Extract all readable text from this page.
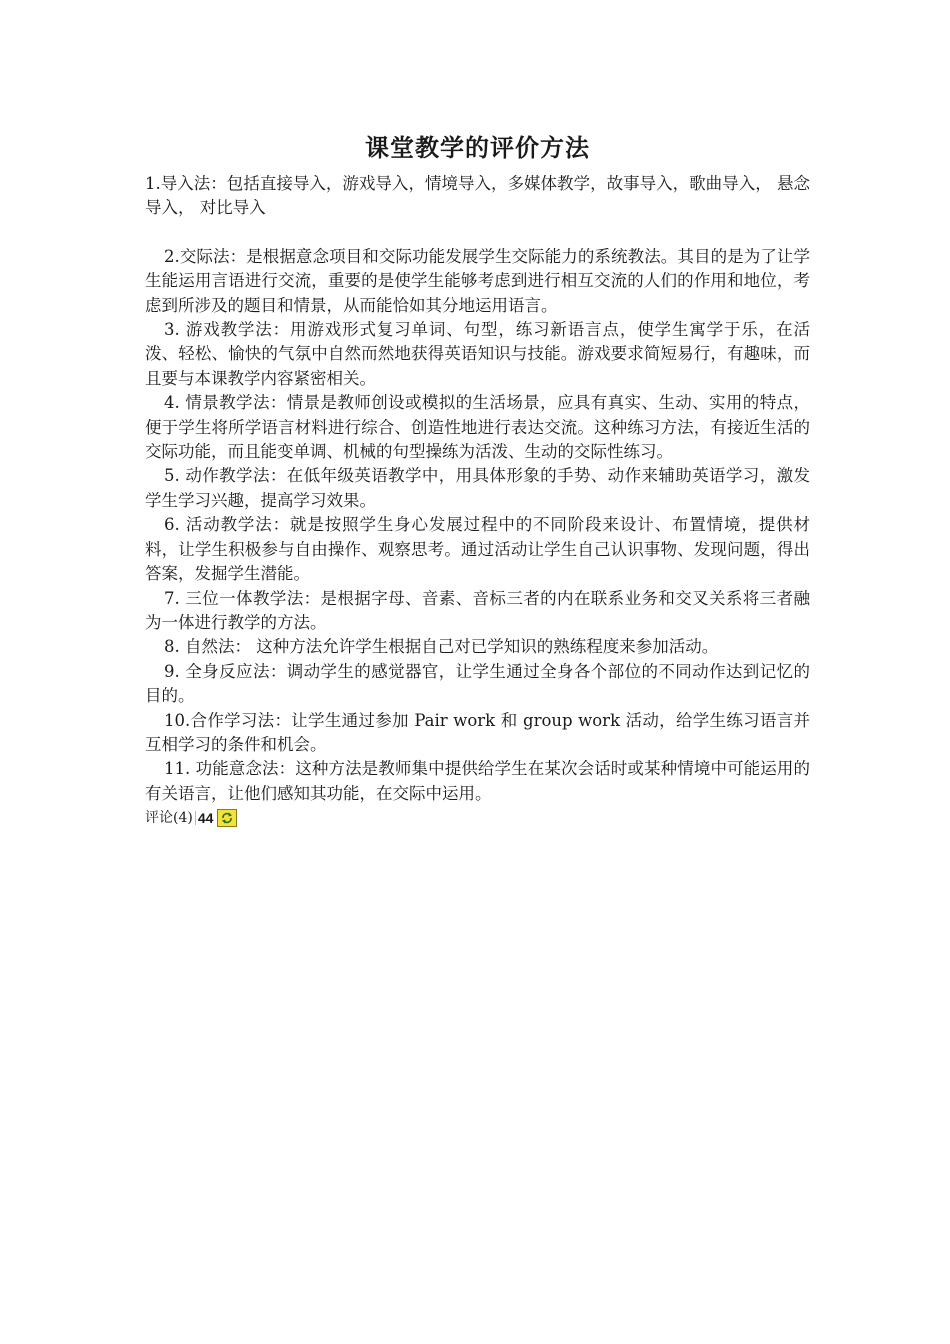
课堂教学的评价方法

1.导入法：包括直接导入，游戏导入，情境导入，多媒体教学，故事导入，歌曲导入， 悬念导入， 对比导入

2.交际法：是根据意念项目和交际功能发展学生交际能力的系统教法。其目的是为了让学生能运用言语进行交流，重要的是使学生能够考虑到进行相互交流的人们的作用和地位，考虑到所涉及的题目和情景，从而能恰如其分地运用语言。

3. 游戏教学法：用游戏形式复习单词、句型，练习新语言点，使学生寓学于乐，在活泼、轻松、愉快的气氛中自然而然地获得英语知识与技能。游戏要求简短易行，有趣味，而且要与本课教学内容紧密相关。

4. 情景教学法：情景是教师创设或模拟的生活场景，应具有真实、生动、实用的特点，便于学生将所学语言材料进行综合、创造性地进行表达交流。这种练习方法，有接近生活的交际功能，而且能变单调、机械的句型操练为活泼、生动的交际性练习。

5. 动作教学法：在低年级英语教学中，用具体形象的手势、动作来辅助英语学习，激发学生学习兴趣，提高学习效果。

6. 活动教学法：就是按照学生身心发展过程中的不同阶段来设计、布置情境，提供材料，让学生积极参与自由操作、观察思考。通过活动让学生自己认识事物、发现问题，得出答案，发掘学生潜能。

7. 三位一体教学法：是根据字母、音素、音标三者的内在联系业务和交叉关系将三者融为一体进行教学的方法。

8. 自然法： 这种方法允许学生根据自己对已学知识的熟练程度来参加活动。

9. 全身反应法：调动学生的感觉器官，让学生通过全身各个部位的不同动作达到记忆的目的。

10.合作学习法：让学生通过参加 Pair work 和 group work 活动，给学生练习语言并互相学习的条件和机会。

11. 功能意念法：这种方法是教师集中提供给学生在某次会话时或某种情境中可能运用的有关语言，让他们感知其功能，在交际中运用。

评论(4) 44
